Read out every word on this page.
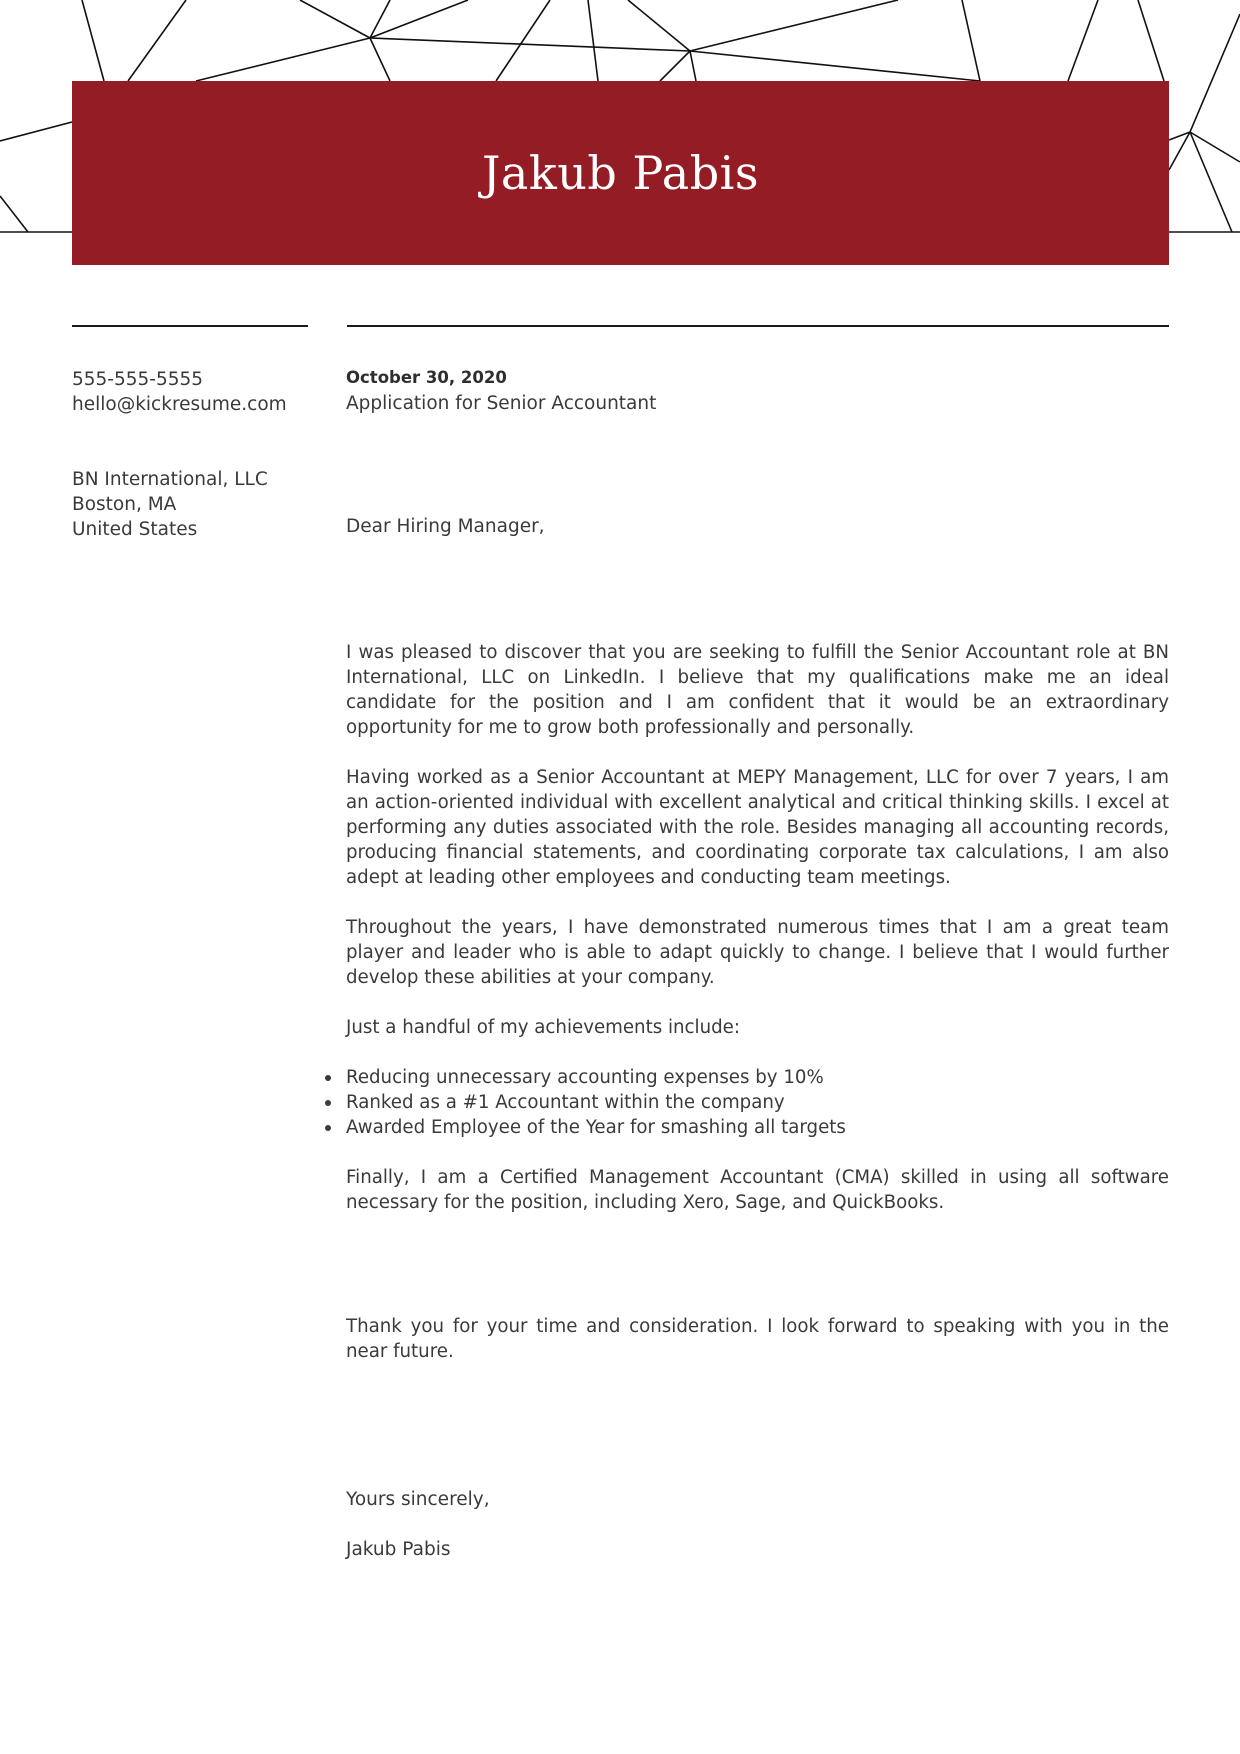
Jakub Pabis
555-555-5555
hello@kickresume.com
BN International, LLC
Boston, MA
United States
October 30, 2020
Application for Senior Accountant
Dear Hiring Manager,

I was pleased to discover that you are seeking to fulfill the Senior Accountant role at BN International, LLC on LinkedIn. I believe that my qualifications make me an ideal candidate for the position and I am confident that it would be an extraordinary opportunity for me to grow both professionally and personally.

Having worked as a Senior Accountant at MEPY Management, LLC for over 7 years, I am an action-oriented individual with excellent analytical and critical thinking skills. I excel at performing any duties associated with the role. Besides managing all accounting records, producing financial statements, and coordinating corporate tax calculations, I am also adept at leading other employees and conducting team meetings.

Throughout the years, I have demonstrated numerous times that I am a great team player and leader who is able to adapt quickly to change. I believe that I would further develop these abilities at your company.

Just a handful of my achievements include:

Reducing unnecessary accounting expenses by 10%
Ranked as a #1 Accountant within the company
Awarded Employee of the Year for smashing all targets

Finally, I am a Certified Management Accountant (CMA) skilled in using all software necessary for the position, including Xero, Sage, and QuickBooks.

Thank you for your time and consideration. I look forward to speaking with you in the near future.
Yours sincerely,
Jakub Pabis
